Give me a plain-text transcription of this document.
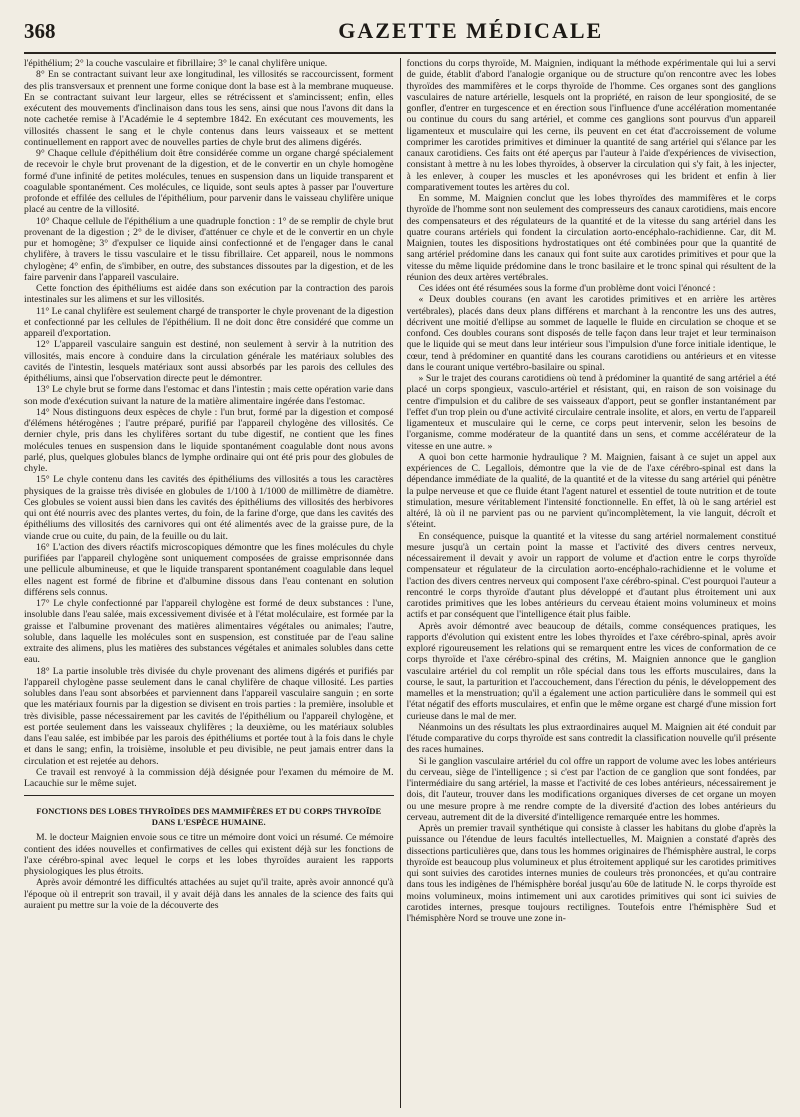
368	GAZETTE MÉDICALE

l'épithélium; 2° la couche vasculaire et fibrillaire; 3° le canal chylifère unique.

8° En se contractant suivant leur axe longitudinal, les villosités se raccourcissent, forment des plis transversaux et prennent une forme conique dont la base est à la membrane muqueuse. En se contractant suivant leur largeur, elles se rétrécissent et s'amincissent; enfin, elles exécutent des mouvements d'inclinaison dans tous les sens, ainsi que nous l'avons dit dans la note cachetée remise à l'Académie le 4 septembre 1842. En exécutant ces mouvements, les villosités chassent le sang et le chyle contenus dans leurs vaisseaux et se mettent continuellement en rapport avec de nouvelles parties de chyle brut des alimens digérés.

9° Chaque cellule d'épithélium doit être considérée comme un organe chargé spécialement de recevoir le chyle brut provenant de la digestion, et de le convertir en un chyle homogène formé d'une infinité de petites molécules, tenues en suspension dans un liquide transparent et coagulable spontanément. Ces molécules, ce liquide, sont seuls aptes à passer par l'ouverture profonde et effilée des cellules de l'épithélium, pour parvenir dans le vaisseau chylifère unique placé au centre de la villosité.

10° Chaque cellule de l'épithélium a une quadruple fonction : 1° de se remplir de chyle brut provenant de la digestion ; 2° de le diviser, d'atténuer ce chyle et de le convertir en un chyle pur et homogène; 3° d'expulser ce liquide ainsi confectionné et de l'engager dans le canal chylifère, à travers le tissu vasculaire et le tissu fibrillaire. Cet appareil, nous le nommons chylogène; 4° enfin, de s'imbiber, en outre, des substances dissoutes par la digestion, et de les faire parvenir dans l'appareil vasculaire.

Cette fonction des épithéliums est aidée dans son exécution par la contraction des parois intestinales sur les alimens et sur les villosités.

11° Le canal chylifère est seulement chargé de transporter le chyle provenant de la digestion et confectionné par les cellules de l'épithélium. Il ne doit donc être considéré que comme un appareil d'exportation.

12° L'appareil vasculaire sanguin est destiné, non seulement à servir à la nutrition des villosités, mais encore à conduire dans la circulation générale les matériaux solubles des cavités de l'intestin, lesquels matériaux sont aussi absorbés par les parois des cellules des épithéliums, ainsi que l'observation directe peut le démontrer.

13° Le chyle brut se forme dans l'estomac et dans l'intestin ; mais cette opération varie dans son mode d'exécution suivant la nature de la matière alimentaire ingérée dans l'estomac.

14° Nous distinguons deux espèces de chyle : l'un brut, formé par la digestion et composé d'élémens hétérogènes ; l'autre préparé, purifié par l'appareil chylogène des villosités. Ce dernier chyle, pris dans les chylifères sortant du tube digestif, ne contient que les fines molécules tenues en suspension dans le liquide spontanément coagulable dont nous avons parlé, plus, quelques globules blancs de lymphe ordinaire qui ont été pris pour des globules de chyle.

15° Le chyle contenu dans les cavités des épithéliums des villosités a tous les caractères physiques de la graisse très divisée en globules de 1/100 à 1/1000 de millimètre de diamètre. Ces globules se voient aussi bien dans les cavités des épithéliums des villosités des herbivores qui ont été nourris avec des plantes vertes, du foin, de la farine d'orge, que dans les cavités des épithéliums des villosités des carnivores qui ont été alimentés avec de la graisse pure, de la viande crue ou cuite, du pain, de la feuille ou du lait.

16° L'action des divers réactifs microscopiques démontre que les fines molécules du chyle purifiées par l'appareil chylogène sont uniquement composées de graisse emprisonnée dans une pellicule albumineuse, et que le liquide transparent spontanément coagulable dans lequel elles nagent est formé de fibrine et d'albumine dissous dans l'eau contenant en solution différens sels connus.

17° Le chyle confectionné par l'appareil chylogène est formé de deux substances : l'une, insoluble dans l'eau salée, mais excessivement divisée et à l'état moléculaire, est formée par la graisse et l'albumine provenant des matières alimentaires végétales ou animales; l'autre, soluble, dans laquelle les molécules sont en suspension, est constituée par de l'eau saline extraite des alimens, plus les matières des substances végétales et animales solubles dans cette eau.

18° La partie insoluble très divisée du chyle provenant des alimens digérés et purifiés par l'appareil chylogène passe seulement dans le canal chylifère de chaque villosité. Les parties solubles dans l'eau sont absorbées et parviennent dans l'appareil vasculaire sanguin ; en sorte que les matériaux fournis par la digestion se divisent en trois parties : la première, insoluble et très divisible, passe nécessairement par les cavités de l'épithélium ou l'appareil chylogène, et est portée seulement dans les vaisseaux chylifères ; la deuxième, ou les matériaux solubles dans l'eau salée, est imbibée par les parois des épithéliums et portée tout à la fois dans le chyle et dans le sang; enfin, la troisième, insoluble et peu divisible, ne peut jamais entrer dans la circulation et est rejetée au dehors.

Ce travail est renvoyé à la commission déjà désignée pour l'examen du mémoire de M. Lacauchie sur le même sujet.

FONCTIONS DES LOBES THYROÏDES DES MAMMIFÈRES ET DU CORPS THYROÏDE DANS L'ESPÈCE HUMAINE.

M. le docteur Maignien envoie sous ce titre un mémoire dont voici un résumé. Ce mémoire contient des idées nouvelles et confirmatives de celles qui existent déjà sur les fonctions de l'axe cérébro-spinal avec lequel le corps et les lobes thyroïdes auraient les rapports physiologiques les plus étroits.

Après avoir démontré les difficultés attachées au sujet qu'il traite, après avoir annoncé qu'à l'époque où il entreprit son travail, il y avait déjà dans les annales de la science des faits qui auraient pu mettre sur la voie de la découverte des

fonctions du corps thyroïde, M. Maignien, indiquant la méthode expérimentale qui lui a servi de guide, établit d'abord l'analogie organique ou de structure qu'on rencontre avec les lobes thyroïdes des mammifères et le corps thyroïde de l'homme. Ces organes sont des ganglions vasculaires de nature artérielle, lesquels ont la propriété, en raison de leur spongiosité, de se gonfler, d'entrer en turgescence et en érection sous l'influence d'une accélération momentanée ou continue du cours du sang artériel, et comme ces ganglions sont pourvus d'un appareil ligamenteux et musculaire qui les cerne, ils peuvent en cet état d'accroissement de volume comprimer les carotides primitives et diminuer la quantité de sang artériel qui s'élance par les canaux carotidiens. Ces faits ont été aperçus par l'auteur à l'aide d'expériences de vivisection, consistant à mettre à nu les lobes thyroïdes, à observer la circulation qui s'y fait, à les injecter, à les enlever, à couper les muscles et les aponévroses qui les brident et enfin à lier comparativement toutes les artères du col.

En somme, M. Maignien conclut que les lobes thyroïdes des mammifères et le corps thyroïde de l'homme sont non seulement des compresseurs des canaux carotidiens, mais encore des compensateurs et des régulateurs de la quantité et de la vitesse du sang artériel dans les quatre courans artériels qui fondent la circulation aorto-encéphalo-rachidienne. Car, dit M. Maignien, toutes les dispositions hydrostatiques ont été combinées pour que la quantité de sang artériel prédomine dans les canaux qui font suite aux carotides primitives et pour que la vitesse du même liquide prédomine dans le tronc basilaire et le tronc spinal qui résultent de la réunion des deux artères vertébrales.

Ces idées ont été résumées sous la forme d'un problème dont voici l'énoncé :

« Deux doubles courans (en avant les carotides primitives et en arrière les artères vertébrales), placés dans deux plans différens et marchant à la rencontre les uns des autres, décrivent une moitié d'ellipse au sommet de laquelle le fluide en circulation se choque et se confond. Ces doubles courans sont disposés de telle façon dans leur trajet et leur terminaison que le liquide qui se meut dans leur intérieur sous l'impulsion d'une force initiale identique, le cœur, tend à prédominer en quantité dans les courans carotidiens ou antérieurs et en vitesse dans le courant unique vertébro-basilaire ou spinal.

» Sur le trajet des courans carotidiens où tend à prédominer la quantité de sang artériel a été placé un corps spongieux, vasculo-artériel et résistant, qui, en raison de son voisinage du centre d'impulsion et du calibre de ses vaisseaux d'apport, peut se gonfler instantanément par l'effet d'un trop plein ou d'une activité circulaire centrale insolite, et alors, en vertu de l'appareil ligamenteux et musculaire qui le cerne, ce corps peut intervenir, selon les besoins de l'organisme, comme modérateur de la quantité dans un sens, et comme accélérateur de la vitesse en une autre. »

A quoi bon cette harmonie hydraulique ? M. Maignien, faisant à ce sujet un appel aux expériences de C. Legallois, démontre que la vie de de l'axe cérébro-spinal est dans la dépendance immédiate de la qualité, de la quantité et de la vitesse du sang artériel qui pénètre la pulpe nerveuse et que ce fluide étant l'agent naturel et essentiel de toute nutrition et de toute stimulation, mesure véritablement l'intensité fonctionnelle. En effet, là où le sang artériel est altéré, là où il ne parvient pas ou ne parvient qu'incomplètement, la vie languit, décroît et s'éteint.

En conséquence, puisque la quantité et la vitesse du sang artériel normalement constitué mesure jusqu'à un certain point la masse et l'activité des divers centres nerveux, nécessairement il devait y avoir un rapport de volume et d'action entre le corps thyroïde compensateur et régulateur de la circulation aorto-encéphalo-rachidienne et le volume et l'action des divers centres nerveux qui composent l'axe cérébro-spinal. C'est pourquoi l'auteur a rencontré le corps thyroïde d'autant plus développé et d'autant plus étroitement uni aux carotides primitives que les lobes antérieurs du cerveau étaient moins volumineux et moins actifs et par conséquent que l'intelligence était plus faible.

Après avoir démontré avec beaucoup de détails, comme conséquences pratiques, les rapports d'évolution qui existent entre les lobes thyroïdes et l'axe cérébro-spinal, après avoir exploré rigoureusement les relations qui se remarquent entre les vices de conformation de ce corps thyroïde et l'axe cérébro-spinal des crétins, M. Maignien annonce que le ganglion vasculaire artériel du col remplit un rôle spécial dans tous les efforts musculaires, dans la course, le saut, la parturition et l'accouchement, dans l'érection du pénis, le développement des mamelles et la menstruation; qu'il a également une action particulière dans le sommeil qui est l'état négatif des efforts musculaires, et enfin que le même organe est chargé d'une mission fort curieuse dans le mal de mer.

Néanmoins un des résultats les plus extraordinaires auquel M. Maignien ait été conduit par l'étude comparative du corps thyroïde est sans contredit la classification nouvelle qu'il présente des races humaines.

Si le ganglion vasculaire artériel du col offre un rapport de volume avec les lobes antérieurs du cerveau, siège de l'intelligence ; si c'est par l'action de ce ganglion que sont fondées, par l'intermédiaire du sang artériel, la masse et l'activité de ces lobes antérieurs, nécessairement je dois, dit l'auteur, trouver dans les modifications organiques diverses de cet organe un moyen ou une mesure propre à me rendre compte de la diversité d'action des lobes antérieurs du cerveau, autrement dit de la diversité d'intelligence remarquée entre les hommes.

Après un premier travail synthétique qui consiste à classer les habitans du globe d'après la puissance ou l'étendue de leurs facultés intellectuelles, M. Maignien a constaté d'après des dissections particulières que, dans tous les hommes originaires de l'hémisphère austral, le corps thyroïde est beaucoup plus volumineux et plus étroitement appliqué sur les carotides primitives qui sont suivies des carotides internes munies de couleurs très prononcées, et qu'au contraire dans tous les indigènes de l'hémisphère boréal jusqu'au 60e de latitude N. le corps thyroïde est moins volumineux, moins intimement uni aux carotides primitives qui sont ici suivies de carotides internes, presque toujours rectilignes. Toutefois entre l'hémisphère Sud et l'hémisphère Nord se trouve une zone in-
